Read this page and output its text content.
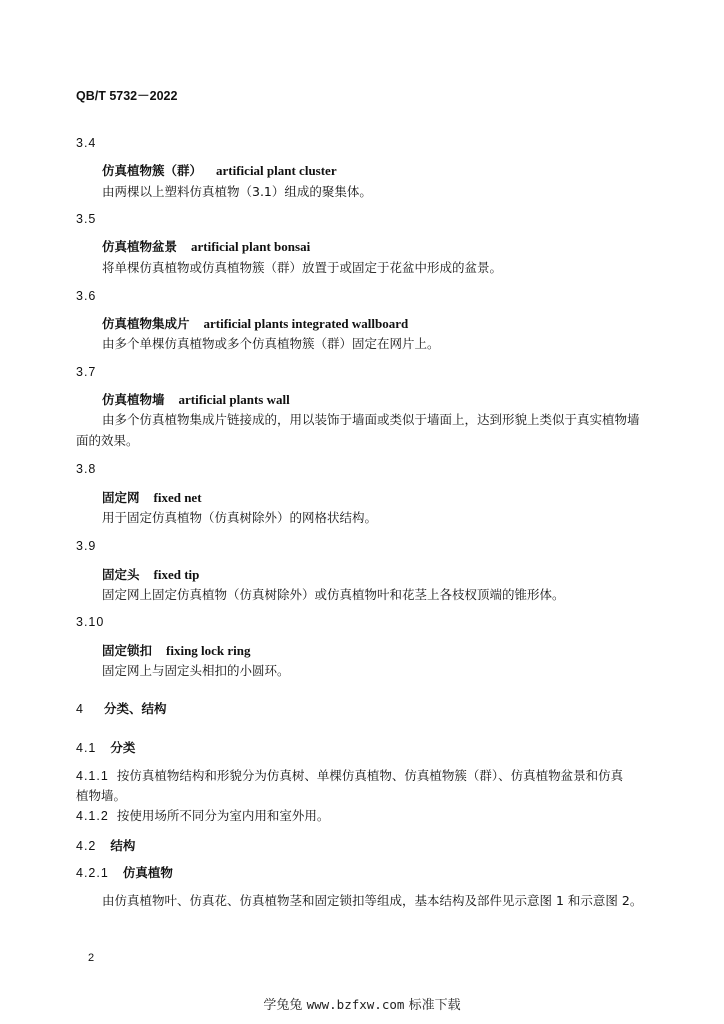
QB/T 5732－2022
3.4
仿真植物簇（群） artificial plant cluster
由两棵以上塑料仿真植物（3.1）组成的聚集体。
3.5
仿真植物盆景 artificial plant bonsai
将单棵仿真植物或仿真植物簇（群）放置于或固定于花盆中形成的盆景。
3.6
仿真植物集成片 artificial plants integrated wallboard
由多个单棵仿真植物或多个仿真植物簇（群）固定在网片上。
3.7
仿真植物墙 artificial plants wall
由多个仿真植物集成片链接成的，用以装饰于墙面或类似于墙面上，达到形貌上类似于真实植物墙
面的效果。
3.8
固定网 fixed net
用于固定仿真植物（仿真树除外）的网格状结构。
3.9
固定头 fixed tip
固定网上固定仿真植物（仿真树除外）或仿真植物叶和花茎上各枝杈顶端的锥形体。
3.10
固定锁扣 fixing lock ring
固定网上与固定头相扣的小圆环。
4 分类、结构
4.1 分类
4.1.1 按仿真植物结构和形貌分为仿真树、单棵仿真植物、仿真植物簇（群）、仿真植物盆景和仿真
植物墙。
4.1.2 按使用场所不同分为室内用和室外用。
4.2 结构
4.2.1 仿真植物
由仿真植物叶、仿真花、仿真植物茎和固定锁扣等组成，基本结构及部件见示意图 1 和示意图 2。
2
学兔兔 www.bzfxw.com 标准下载
